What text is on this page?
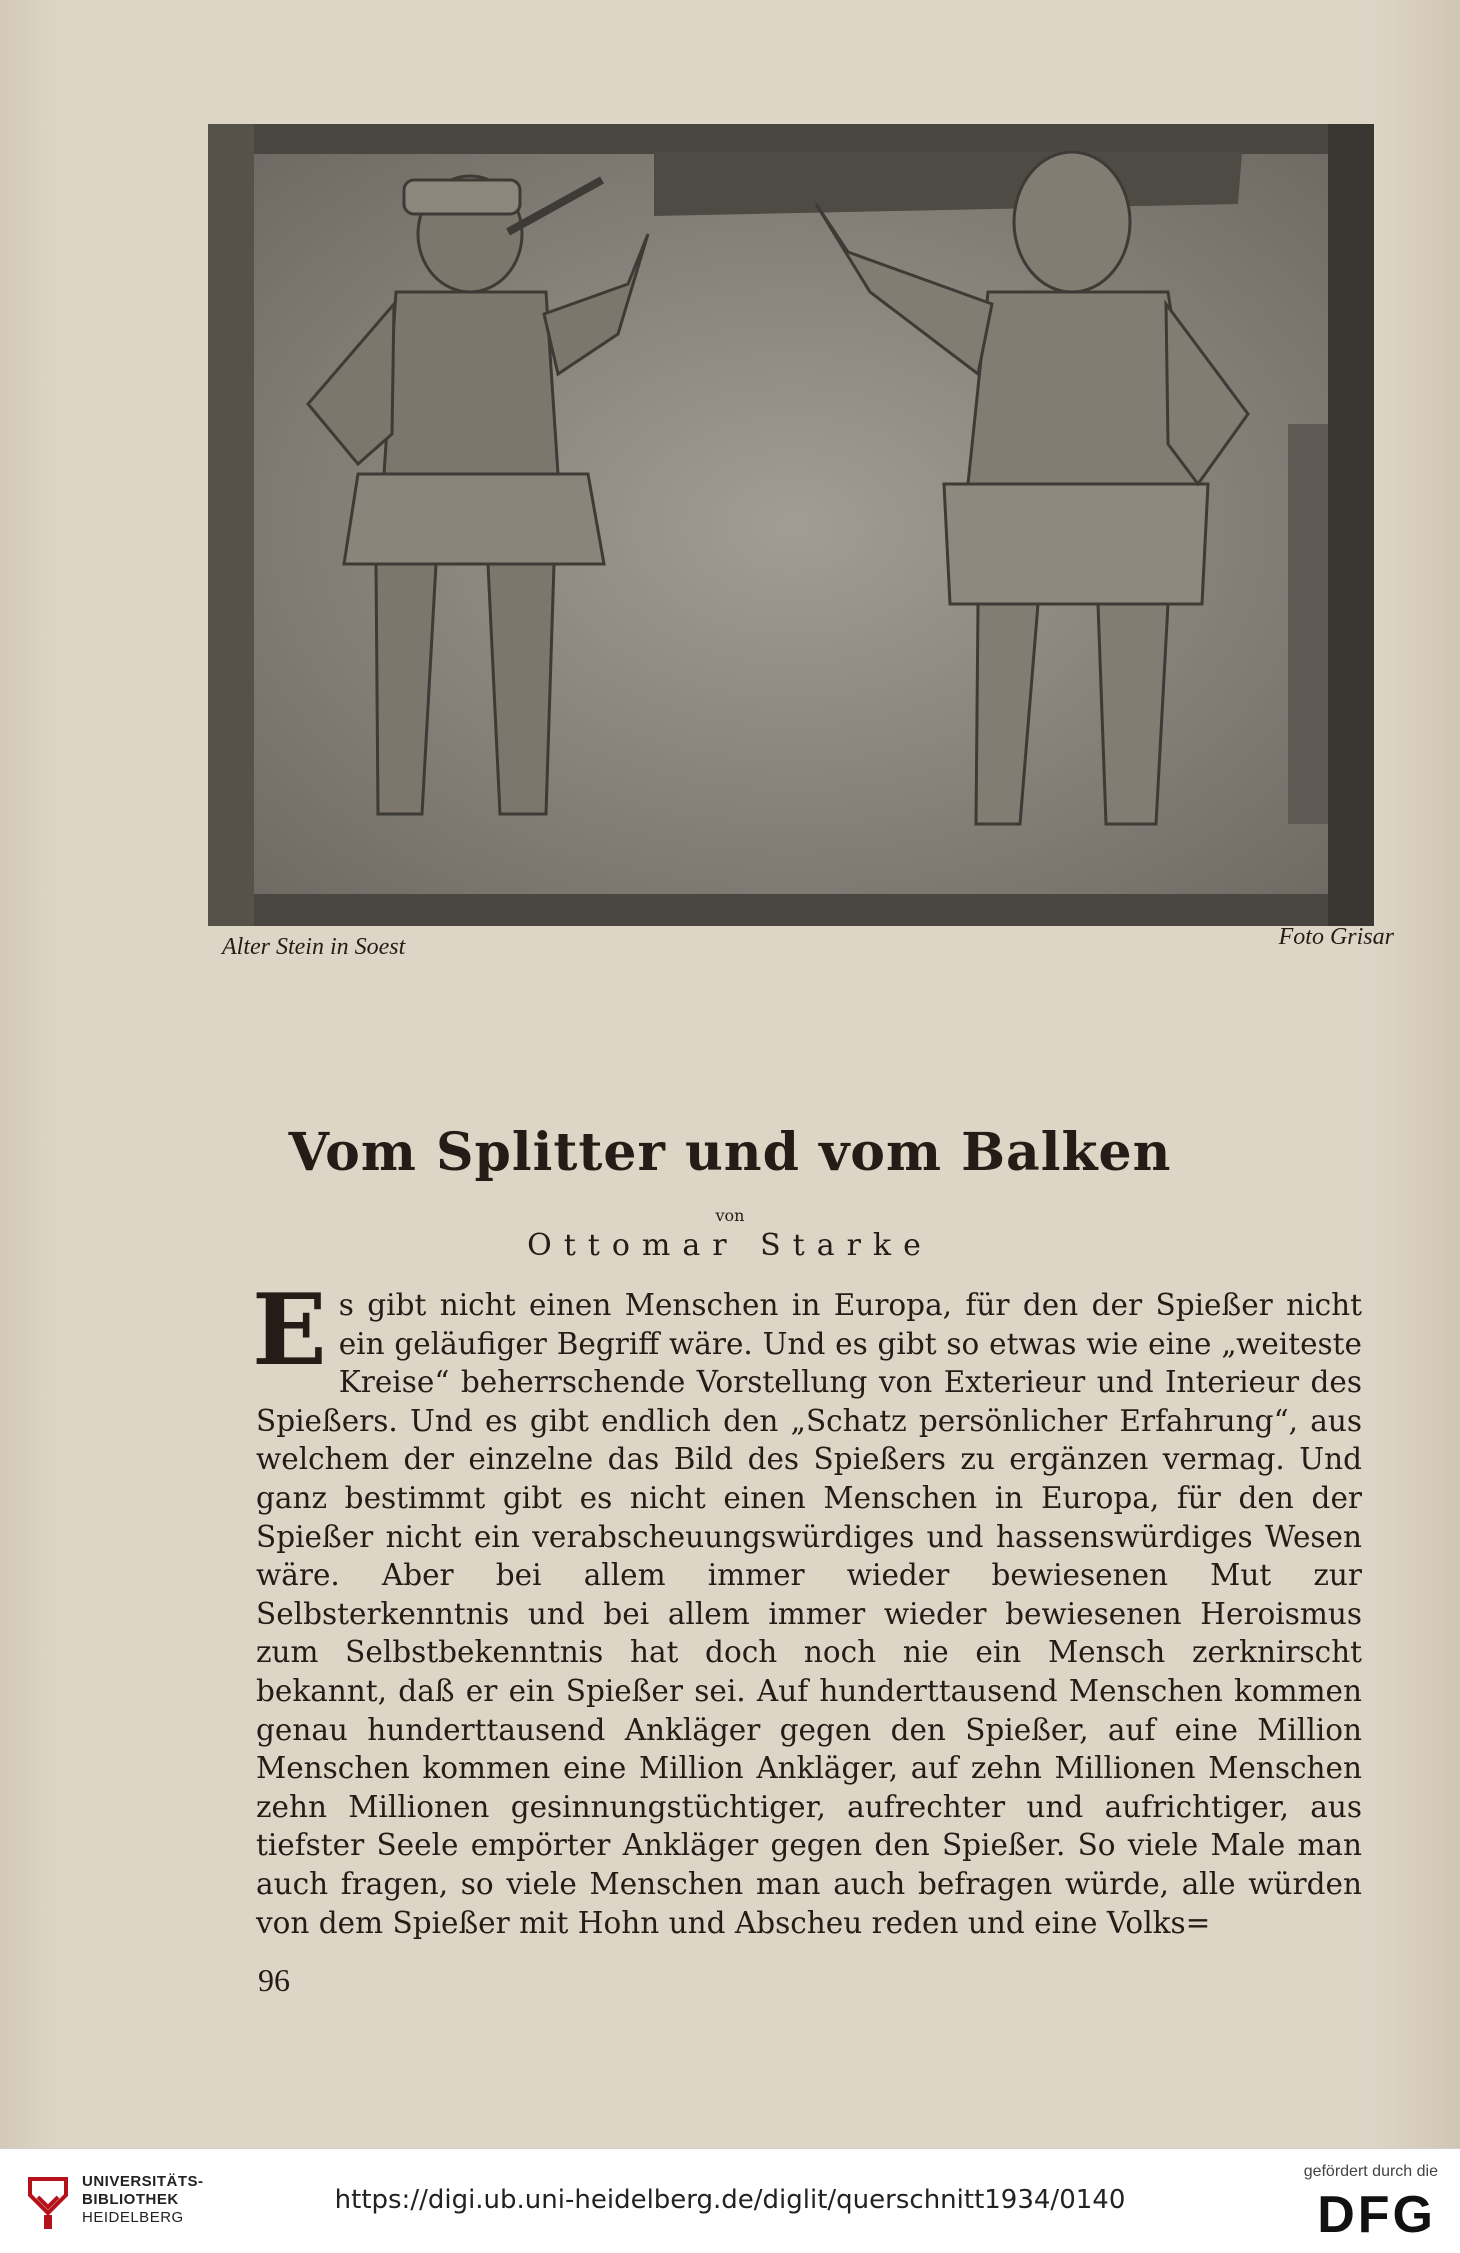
Alter Stein in Soest	Foto Grisar
Vom Splitter und vom Balken
von
Ottomar Starke
Es gibt nicht einen Menschen in Europa, für den der Spießer nicht ein geläufiger Begriff wäre. Und es gibt so etwas wie eine „weiteste Kreise“ beherrschende Vorstellung von Exterieur und Interieur des Spießers. Und es gibt endlich den „Schatz persönlicher Erfahrung“, aus welchem der einzelne das Bild des Spießers zu ergänzen vermag. Und ganz bestimmt gibt es nicht einen Menschen in Europa, für den der Spießer nicht ein verabscheuungswürdiges und hassenswürdiges Wesen wäre. Aber bei allem immer wieder bewiesenen Mut zur Selbsterkenntnis und bei allem immer wieder bewiesenen Heroismus zum Selbstbekenntnis hat doch noch nie ein Mensch zerknirscht bekannt, daß er ein Spießer sei. Auf hunderttausend Menschen kommen genau hunderttausend Ankläger gegen den Spießer, auf eine Million Menschen kommen eine Million Ankläger, auf zehn Millionen Menschen zehn Millionen gesinnungstüchtiger, aufrechter und aufrichtiger, aus tiefster Seele empörter Ankläger gegen den Spießer. So viele Male man auch fragen, so viele Menschen man auch befragen würde, alle würden von dem Spießer mit Hohn und Abscheu reden und eine Volks=
96
UNIVERSITÄTS-
BIBLIOTHEK
HEIDELBERG
https://digi.ub.uni-heidelberg.de/diglit/querschnitt1934/0140
gefördert durch die
DFG
